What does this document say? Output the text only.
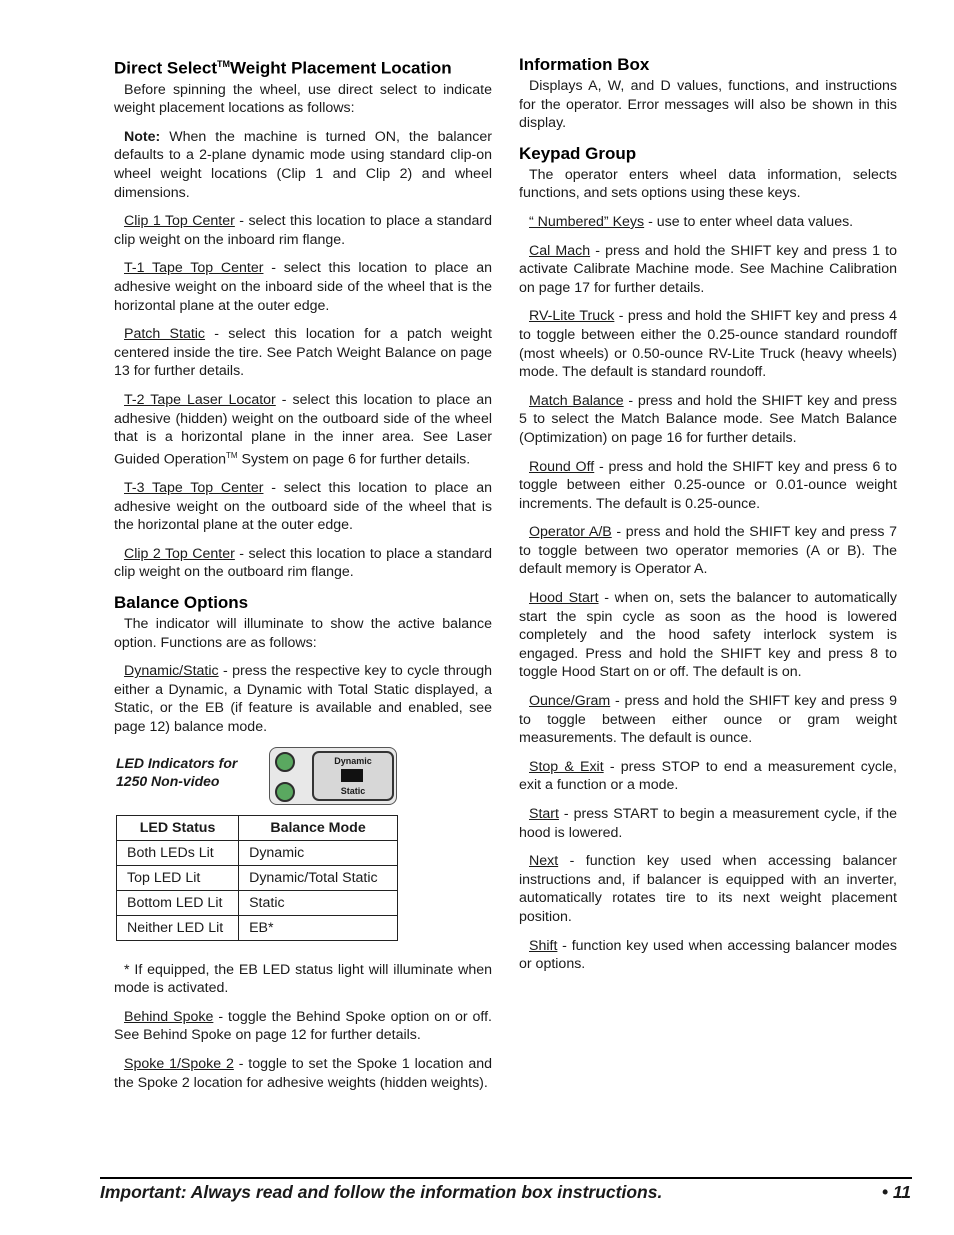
Direct Select™Weight Placement Location

Before spinning the wheel, use direct select to indicate weight placement locations as follows:

Note: When the machine is turned ON, the balancer defaults to a 2-plane dynamic mode using standard clip-on wheel weight locations (Clip 1 and Clip 2) and wheel dimensions.

Clip 1 Top Center - select this location to place a standard clip weight on the inboard rim flange.

T-1 Tape Top Center - select this location to place an adhesive weight on the inboard side of the wheel that is the horizontal plane at the outer edge.

Patch Static - select this location for a patch weight centered inside the tire. See Patch Weight Balance on page 13 for further details.

T-2 Tape Laser Locator - select this location to place an adhesive (hidden) weight on the outboard side of the wheel that is a horizontal plane in the inner area. See Laser Guided Operation™ System on page 6 for further details.

T-3 Tape Top Center - select this location to place an adhesive weight on the outboard side of the wheel that is the horizontal plane at the outer edge.

Clip 2 Top Center - select this location to place a standard clip weight on the outboard rim flange.

Balance Options

The indicator will illuminate to show the active balance option. Functions are as follows:

Dynamic/Static - press the respective key to cycle through either a Dynamic, a Dynamic with Total Static displayed, a Static, or the EB (if feature is available and enabled, see page 12) balance mode.

LED Indicators for 1250 Non-video
Dynamic
Static
LED Status	Balance Mode
Both LEDs Lit	Dynamic
Top LED Lit	Dynamic/Total Static
Bottom LED Lit	Static
Neither LED Lit	EB*

* If equipped, the EB LED status light will illuminate when mode is activated.

Behind Spoke - toggle the Behind Spoke option on or off. See Behind Spoke on page 12 for further details.

Spoke 1/Spoke 2 - toggle to set the Spoke 1 location and the Spoke 2 location for adhesive weights (hidden weights).

Information Box

Displays A, W, and D values, functions, and instructions for the operator. Error messages will also be shown in this display.

Keypad Group

The operator enters wheel data information, selects functions, and sets options using these keys.

“ Numbered” Keys - use to enter wheel data values.

Cal Mach - press and hold the SHIFT key and press 1 to activate Calibrate Machine mode. See Machine Calibration on page 17 for further details.

RV-Lite Truck - press and hold the SHIFT key and press 4 to toggle between either the 0.25-ounce standard roundoff (most wheels) or 0.50-ounce RV-Lite Truck (heavy wheels) mode. The default is standard roundoff.

Match Balance - press and hold the SHIFT key and press 5 to select the Match Balance mode. See Match Balance (Optimization) on page 16 for further details.

Round Off - press and hold the SHIFT key and press 6 to toggle between either 0.25-ounce or 0.01-ounce weight increments. The default is 0.25-ounce.

Operator A/B - press and hold the SHIFT key and press 7 to toggle between two operator memories (A or B). The default memory is Operator A.

Hood Start - when on, sets the balancer to automatically start the spin cycle as soon as the hood is lowered completely and the hood safety interlock system is engaged. Press and hold the SHIFT key and press 8 to toggle Hood Start on or off. The default is on.

Ounce/Gram - press and hold the SHIFT key and press 9 to toggle between either ounce or gram weight measurements. The default is ounce.

Stop & Exit - press STOP to end a measurement cycle, exit a function or a mode.

Start - press START to begin a measurement cycle, if the hood is lowered.

Next - function key used when accessing balancer instructions and, if balancer is equipped with an inverter, automatically rotates tire to its next weight placement position.

Shift - function key used when accessing balancer modes or options.

Important: Always read and follow the information box instructions.	• 11
